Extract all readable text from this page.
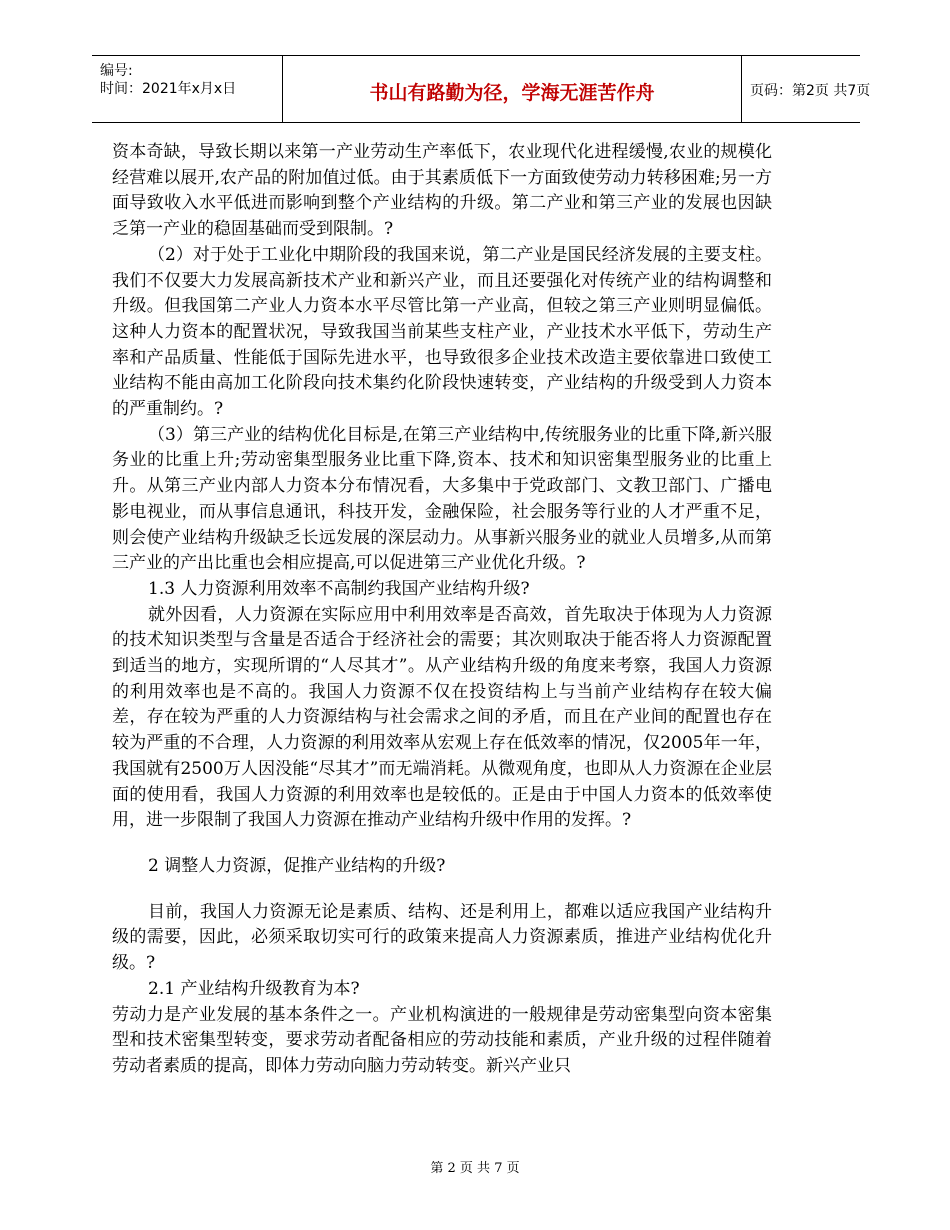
编号:
时间：2021年x月x日	书山有路勤为径，学海无涯苦作舟	页码：第2页 共7页

资本奇缺，导致长期以来第一产业劳动生产率低下，农业现代化进程缓慢,农业的规模化经营难以展开,农产品的附加值过低。由于其素质低下一方面致使劳动力转移困难;另一方面导致收入水平低进而影响到整个产业结构的升级。第二产业和第三产业的发展也因缺乏第一产业的稳固基础而受到限制。?

（2）对于处于工业化中期阶段的我国来说，第二产业是国民经济发展的主要支柱。我们不仅要大力发展高新技术产业和新兴产业，而且还要强化对传统产业的结构调整和升级。但我国第二产业人力资本水平尽管比第一产业高，但较之第三产业则明显偏低。这种人力资本的配置状况，导致我国当前某些支柱产业，产业技术水平低下，劳动生产率和产品质量、性能低于国际先进水平，也导致很多企业技术改造主要依靠进口致使工业结构不能由高加工化阶段向技术集约化阶段快速转变，产业结构的升级受到人力资本的严重制约。?

（3）第三产业的结构优化目标是,在第三产业结构中,传统服务业的比重下降,新兴服务业的比重上升;劳动密集型服务业比重下降,资本、技术和知识密集型服务业的比重上升。从第三产业内部人力资本分布情况看，大多集中于党政部门、文教卫部门、广播电影电视业，而从事信息通讯，科技开发，金融保险，社会服务等行业的人才严重不足，则会使产业结构升级缺乏长远发展的深层动力。从事新兴服务业的就业人员增多,从而第三产业的产出比重也会相应提高,可以促进第三产业优化升级。?

1.3 人力资源利用效率不高制约我国产业结构升级?

就外因看，人力资源在实际应用中利用效率是否高效，首先取决于体现为人力资源的技术知识类型与含量是否适合于经济社会的需要；其次则取决于能否将人力资源配置到适当的地方，实现所谓的“人尽其才”。从产业结构升级的角度来考察，我国人力资源的利用效率也是不高的。我国人力资源不仅在投资结构上与当前产业结构存在较大偏差，存在较为严重的人力资源结构与社会需求之间的矛盾，而且在产业间的配置也存在较为严重的不合理，人力资源的利用效率从宏观上存在低效率的情况，仅2005年一年，我国就有2500万人因没能“尽其才”而无端消耗。从微观角度，也即从人力资源在企业层面的使用看，我国人力资源的利用效率也是较低的。正是由于中国人力资本的低效率使用，进一步限制了我国人力资源在推动产业结构升级中作用的发挥。?

2 调整人力资源，促推产业结构的升级?

目前，我国人力资源无论是素质、结构、还是利用上，都难以适应我国产业结构升级的需要，因此，必须采取切实可行的政策来提高人力资源素质，推进产业结构优化升级。?

2.1 产业结构升级教育为本?

劳动力是产业发展的基本条件之一。产业机构演进的一般规律是劳动密集型向资本密集型和技术密集型转变，要求劳动者配备相应的劳动技能和素质，产业升级的过程伴随着劳动者素质的提高，即体力劳动向脑力劳动转变。新兴产业只

第 2 页 共 7 页
